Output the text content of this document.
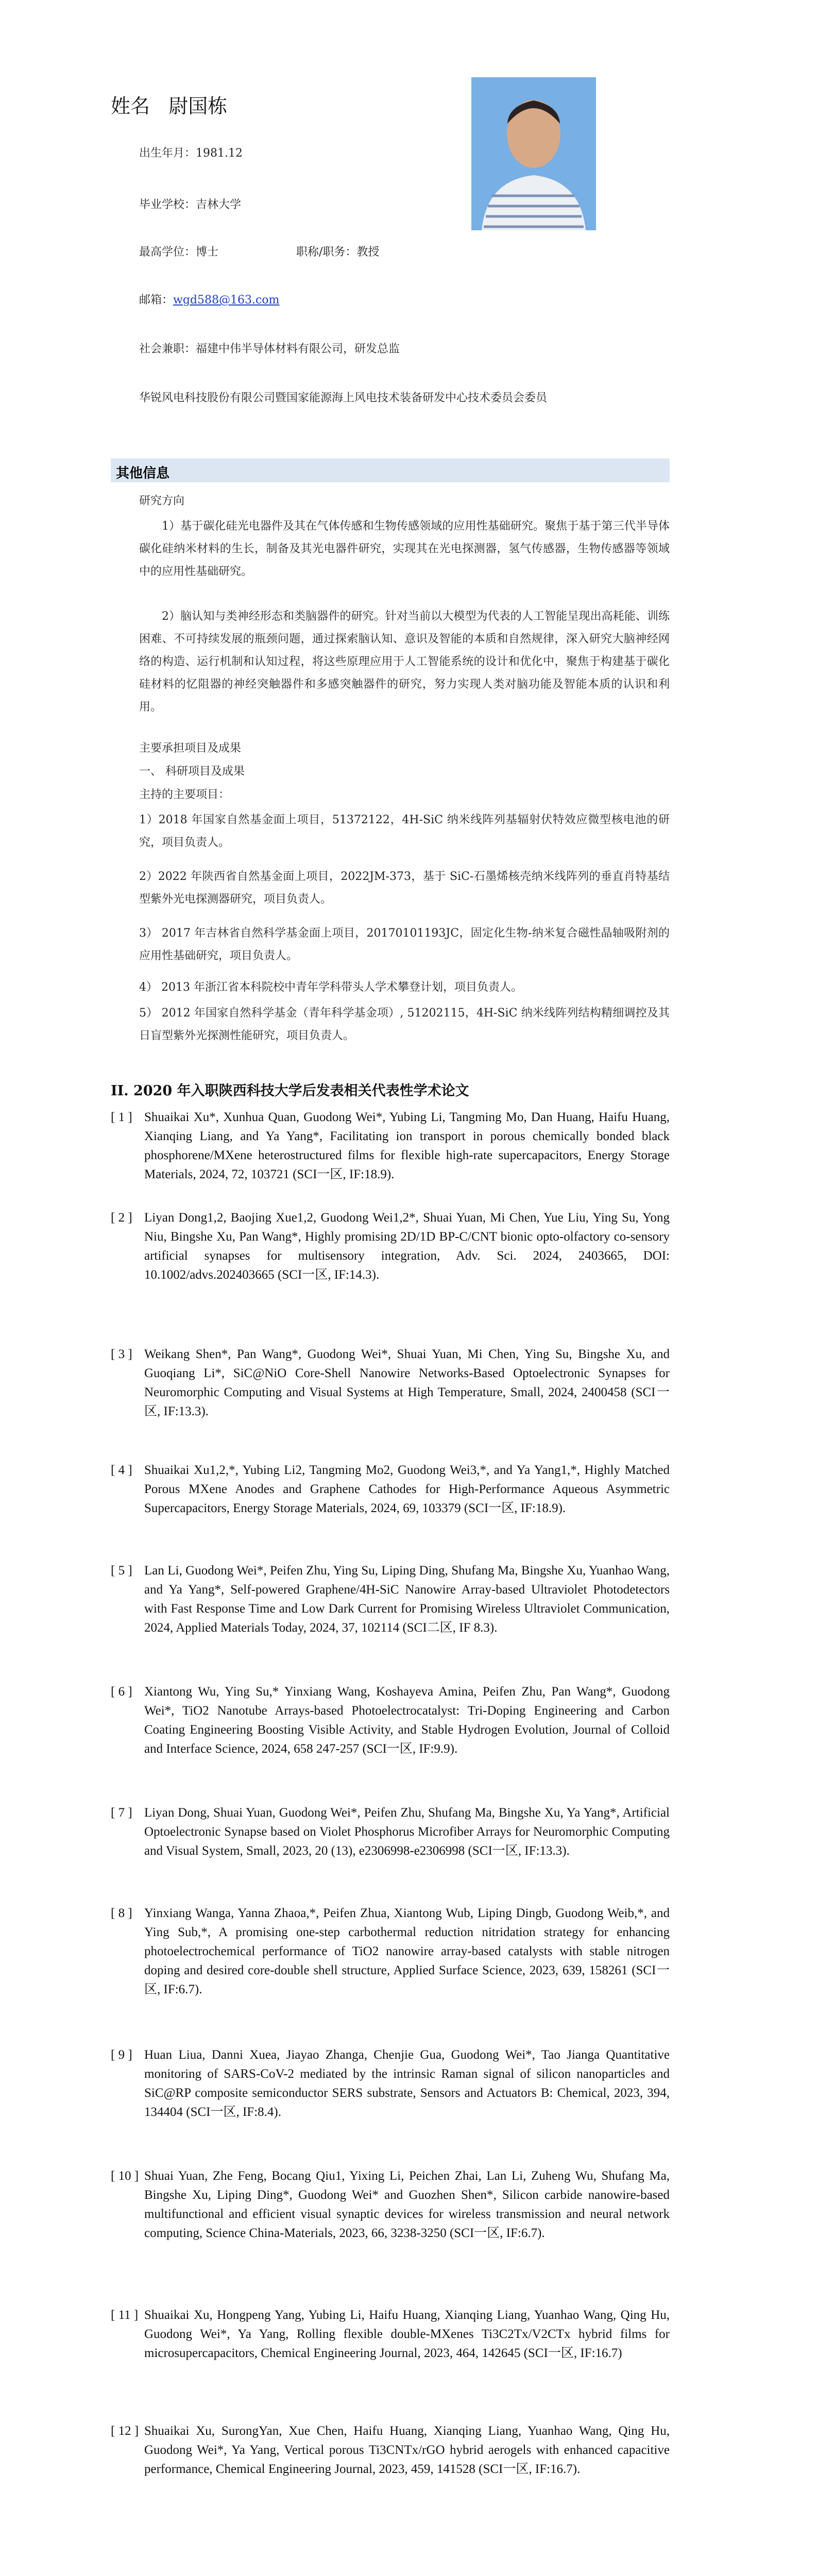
姓名 尉国栋
出生年月：1981.12
毕业学校：吉林大学
最高学位：博士	职称/职务：教授
邮箱：wgd588@163.com
社会兼职：福建中伟半导体材料有限公司，研发总监
华锐风电科技股份有限公司暨国家能源海上风电技术装备研发中心技术委员会委员
其他信息
研究方向
1）基于碳化硅光电器件及其在气体传感和生物传感领域的应用性基础研究。聚焦于基于第三代半导体碳化硅纳米材料的生长，制备及其光电器件研究，实现其在光电探测器，氢气传感器，生物传感器等领域中的应用性基础研究。
2）脑认知与类神经形态和类脑器件的研究。针对当前以大模型为代表的人工智能呈现出高耗能、训练困难、不可持续发展的瓶颈问题，通过探索脑认知、意识及智能的本质和自然规律，深入研究大脑神经网络的构造、运行机制和认知过程，将这些原理应用于人工智能系统的设计和优化中，聚焦于构建基于碳化硅材料的忆阻器的神经突触器件和多感突触器件的研究，努力实现人类对脑功能及智能本质的认识和利用。
主要承担项目及成果
一、 科研项目及成果
主持的主要项目：
1）2018 年国家自然基金面上项目，51372122，4H-SiC 纳米线阵列基辐射伏特效应微型核电池的研究，项目负责人。
2）2022 年陕西省自然基金面上项目，2022JM-373，基于 SiC-石墨烯核壳纳米线阵列的垂直肖特基结型紫外光电探测器研究，项目负责人。
3） 2017 年吉林省自然科学基金面上项目，20170101193JC，固定化生物-纳米复合磁性晶轴吸附剂的应用性基础研究，项目负责人。
4） 2013 年浙江省本科院校中青年学科带头人学术攀登计划，项目负责人。
5） 2012 年国家自然科学基金（青年科学基金项）, 51202115，4H-SiC 纳米线阵列结构精细调控及其日盲型紫外光探测性能研究，项目负责人。
II. 2020 年入职陕西科技大学后发表相关代表性学术论文
[ 1 ] Shuaikai Xu*, Xunhua Quan, Guodong Wei*, Yubing Li, Tangming Mo, Dan Huang, Haifu Huang, Xianqing Liang, and Ya Yang*, Facilitating ion transport in porous chemically bonded black phosphorene/MXene heterostructured films for flexible high-rate supercapacitors, Energy Storage Materials, 2024, 72, 103721 (SCI一区, IF:18.9).
[ 2 ] Liyan Dong1,2, Baojing Xue1,2, Guodong Wei1,2*, Shuai Yuan, Mi Chen, Yue Liu, Ying Su, Yong Niu, Bingshe Xu, Pan Wang*, Highly promising 2D/1D BP-C/CNT bionic opto-olfactory co-sensory artificial synapses for multisensory integration, Adv. Sci. 2024, 2403665, DOI: 10.1002/advs.202403665 (SCI一区, IF:14.3).
[ 3 ] Weikang Shen*, Pan Wang*, Guodong Wei*, Shuai Yuan, Mi Chen, Ying Su, Bingshe Xu, and Guoqiang Li*, SiC@NiO Core-Shell Nanowire Networks-Based Optoelectronic Synapses for Neuromorphic Computing and Visual Systems at High Temperature, Small, 2024, 2400458 (SCI一区, IF:13.3).
[ 4 ] Shuaikai Xu1,2,*, Yubing Li2, Tangming Mo2, Guodong Wei3,*, and Ya Yang1,*, Highly Matched Porous MXene Anodes and Graphene Cathodes for High-Performance Aqueous Asymmetric Supercapacitors, Energy Storage Materials, 2024, 69, 103379 (SCI一区, IF:18.9).
[ 5 ] Lan Li, Guodong Wei*, Peifen Zhu, Ying Su, Liping Ding, Shufang Ma, Bingshe Xu, Yuanhao Wang, and Ya Yang*, Self-powered Graphene/4H-SiC Nanowire Array-based Ultraviolet Photodetectors with Fast Response Time and Low Dark Current for Promising Wireless Ultraviolet Communication, 2024, Applied Materials Today, 2024, 37, 102114 (SCI二区, IF 8.3).
[ 6 ] Xiantong Wu, Ying Su,* Yinxiang Wang, Koshayeva Amina, Peifen Zhu, Pan Wang*, Guodong Wei*, TiO2 Nanotube Arrays-based Photoelectrocatalyst: Tri-Doping Engineering and Carbon Coating Engineering Boosting Visible Activity, and Stable Hydrogen Evolution, Journal of Colloid and Interface Science, 2024, 658 247-257 (SCI一区, IF:9.9).
[ 7 ] Liyan Dong, Shuai Yuan, Guodong Wei*, Peifen Zhu, Shufang Ma, Bingshe Xu, Ya Yang*, Artificial Optoelectronic Synapse based on Violet Phosphorus Microfiber Arrays for Neuromorphic Computing and Visual System, Small, 2023, 20 (13), e2306998-e2306998 (SCI一区, IF:13.3).
[ 8 ] Yinxiang Wanga, Yanna Zhaoa,*, Peifen Zhua, Xiantong Wub, Liping Dingb, Guodong Weib,*, and Ying Sub,*, A promising one-step carbothermal reduction nitridation strategy for enhancing photoelectrochemical performance of TiO2 nanowire array-based catalysts with stable nitrogen doping and desired core-double shell structure, Applied Surface Science, 2023, 639, 158261 (SCI一区, IF:6.7).
[ 9 ] Huan Liua, Danni Xuea, Jiayao Zhanga, Chenjie Gua, Guodong Wei*, Tao Jianga Quantitative monitoring of SARS-CoV-2 mediated by the intrinsic Raman signal of silicon nanoparticles and SiC@RP composite semiconductor SERS substrate, Sensors and Actuators B: Chemical, 2023, 394, 134404 (SCI一区, IF:8.4).
[ 10 ] Shuai Yuan, Zhe Feng, Bocang Qiu1, Yixing Li, Peichen Zhai, Lan Li, Zuheng Wu, Shufang Ma, Bingshe Xu, Liping Ding*, Guodong Wei* and Guozhen Shen*, Silicon carbide nanowire-based multifunctional and efficient visual synaptic devices for wireless transmission and neural network computing, Science China-Materials, 2023, 66, 3238-3250 (SCI一区, IF:6.7).
[ 11 ] Shuaikai Xu, Hongpeng Yang, Yubing Li, Haifu Huang, Xianqing Liang, Yuanhao Wang, Qing Hu, Guodong Wei*, Ya Yang, Rolling flexible double-MXenes Ti3C2Tx/V2CTx hybrid films for microsupercapacitors, Chemical Engineering Journal, 2023, 464, 142645 (SCI一区, IF:16.7)
[ 12 ] Shuaikai Xu, SurongYan, Xue Chen, Haifu Huang, Xianqing Liang, Yuanhao Wang, Qing Hu, Guodong Wei*, Ya Yang, Vertical porous Ti3CNTx/rGO hybrid aerogels with enhanced capacitive performance, Chemical Engineering Journal, 2023, 459, 141528 (SCI一区, IF:16.7).
